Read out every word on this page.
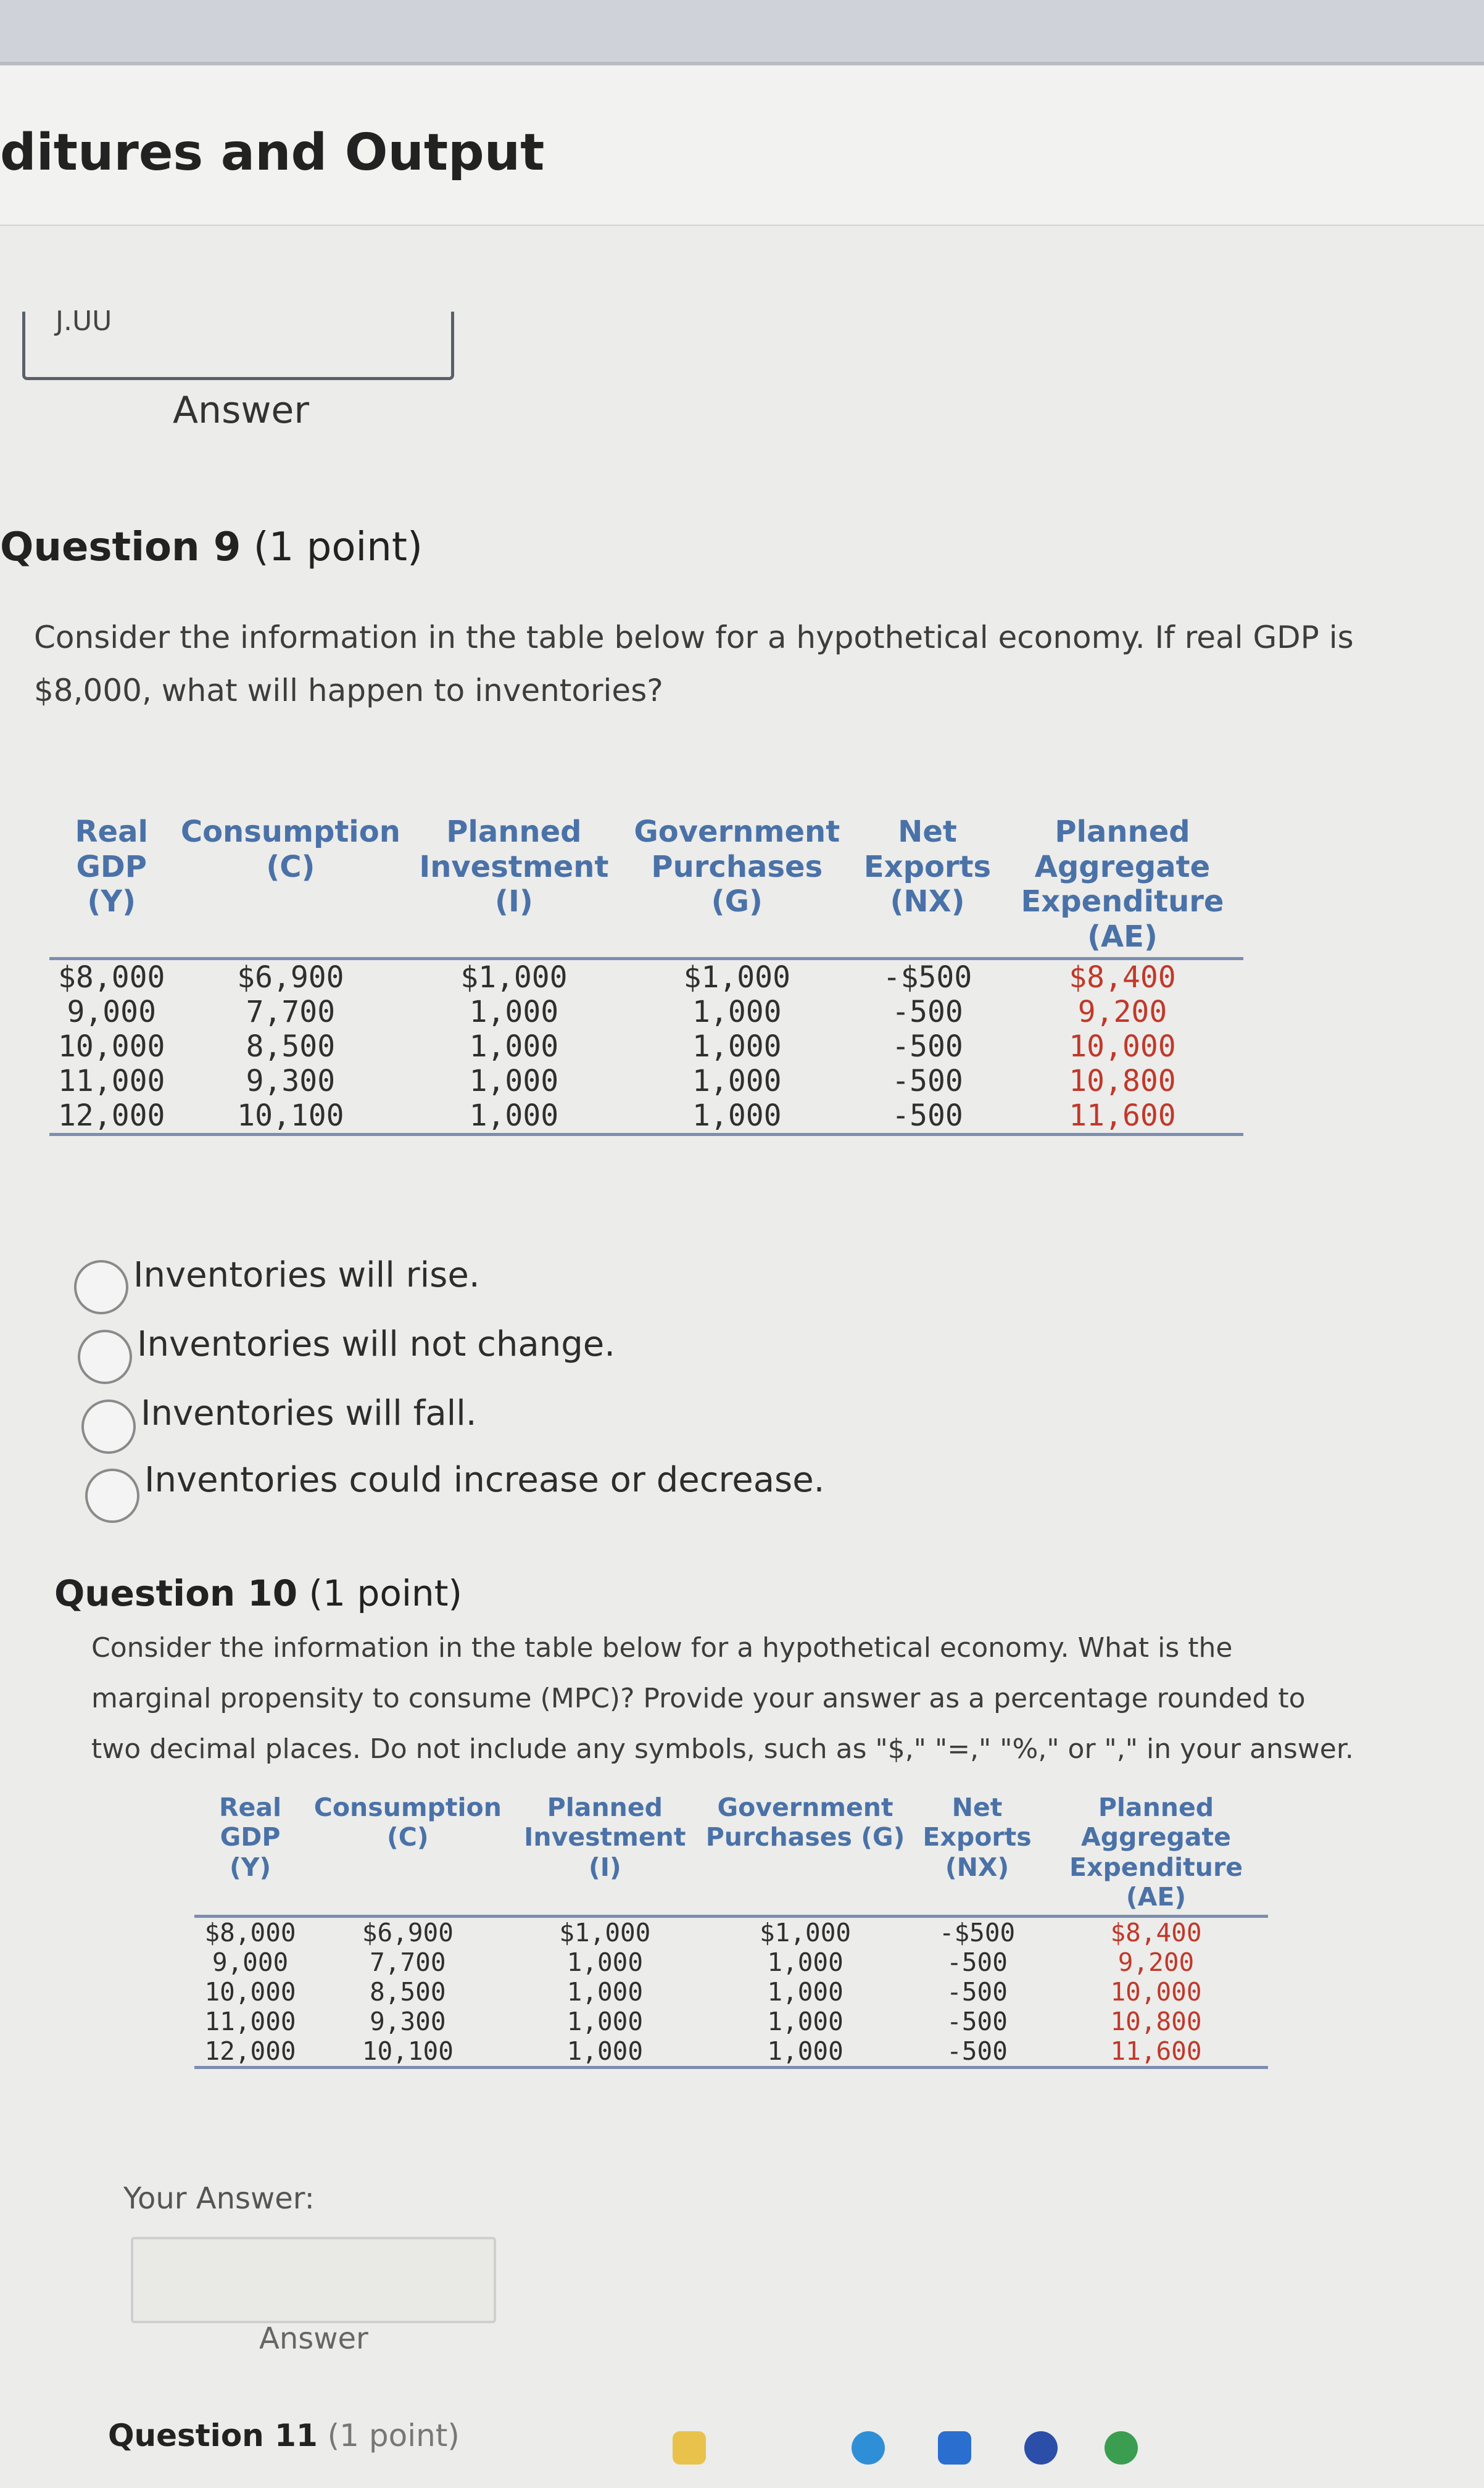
ditures and Output
J.UU
Answer
Question 9 (1 point)
Consider the information in the table below for a hypothetical economy. If real GDP is $8,000, what will happen to inventories?
Real GDP (Y)	Consumption (C)	Planned Investment (I)	Government Purchases (G)	Net Exports (NX)	Planned Aggregate Expenditure (AE)
$8,000	$6,900	$1,000	$1,000	-$500	$8,400
9,000	7,700	1,000	1,000	-500	9,200
10,000	8,500	1,000	1,000	-500	10,000
11,000	9,300	1,000	1,000	-500	10,800
12,000	10,100	1,000	1,000	-500	11,600
Inventories will rise.
Inventories will not change.
Inventories will fall.
Inventories could increase or decrease.
Question 10 (1 point)
Consider the information in the table below for a hypothetical economy. What is the marginal propensity to consume (MPC)? Provide your answer as a percentage rounded to two decimal places. Do not include any symbols, such as "$," "=," "%," or "," in your answer.
Real GDP (Y)	Consumption (C)	Planned Investment (I)	Government Purchases (G)	Net Exports (NX)	Planned Aggregate Expenditure (AE)
$8,000	$6,900	$1,000	$1,000	-$500	$8,400
9,000	7,700	1,000	1,000	-500	9,200
10,000	8,500	1,000	1,000	-500	10,000
11,000	9,300	1,000	1,000	-500	10,800
12,000	10,100	1,000	1,000	-500	11,600
Your Answer:
Answer
Question 11 (1 point)
